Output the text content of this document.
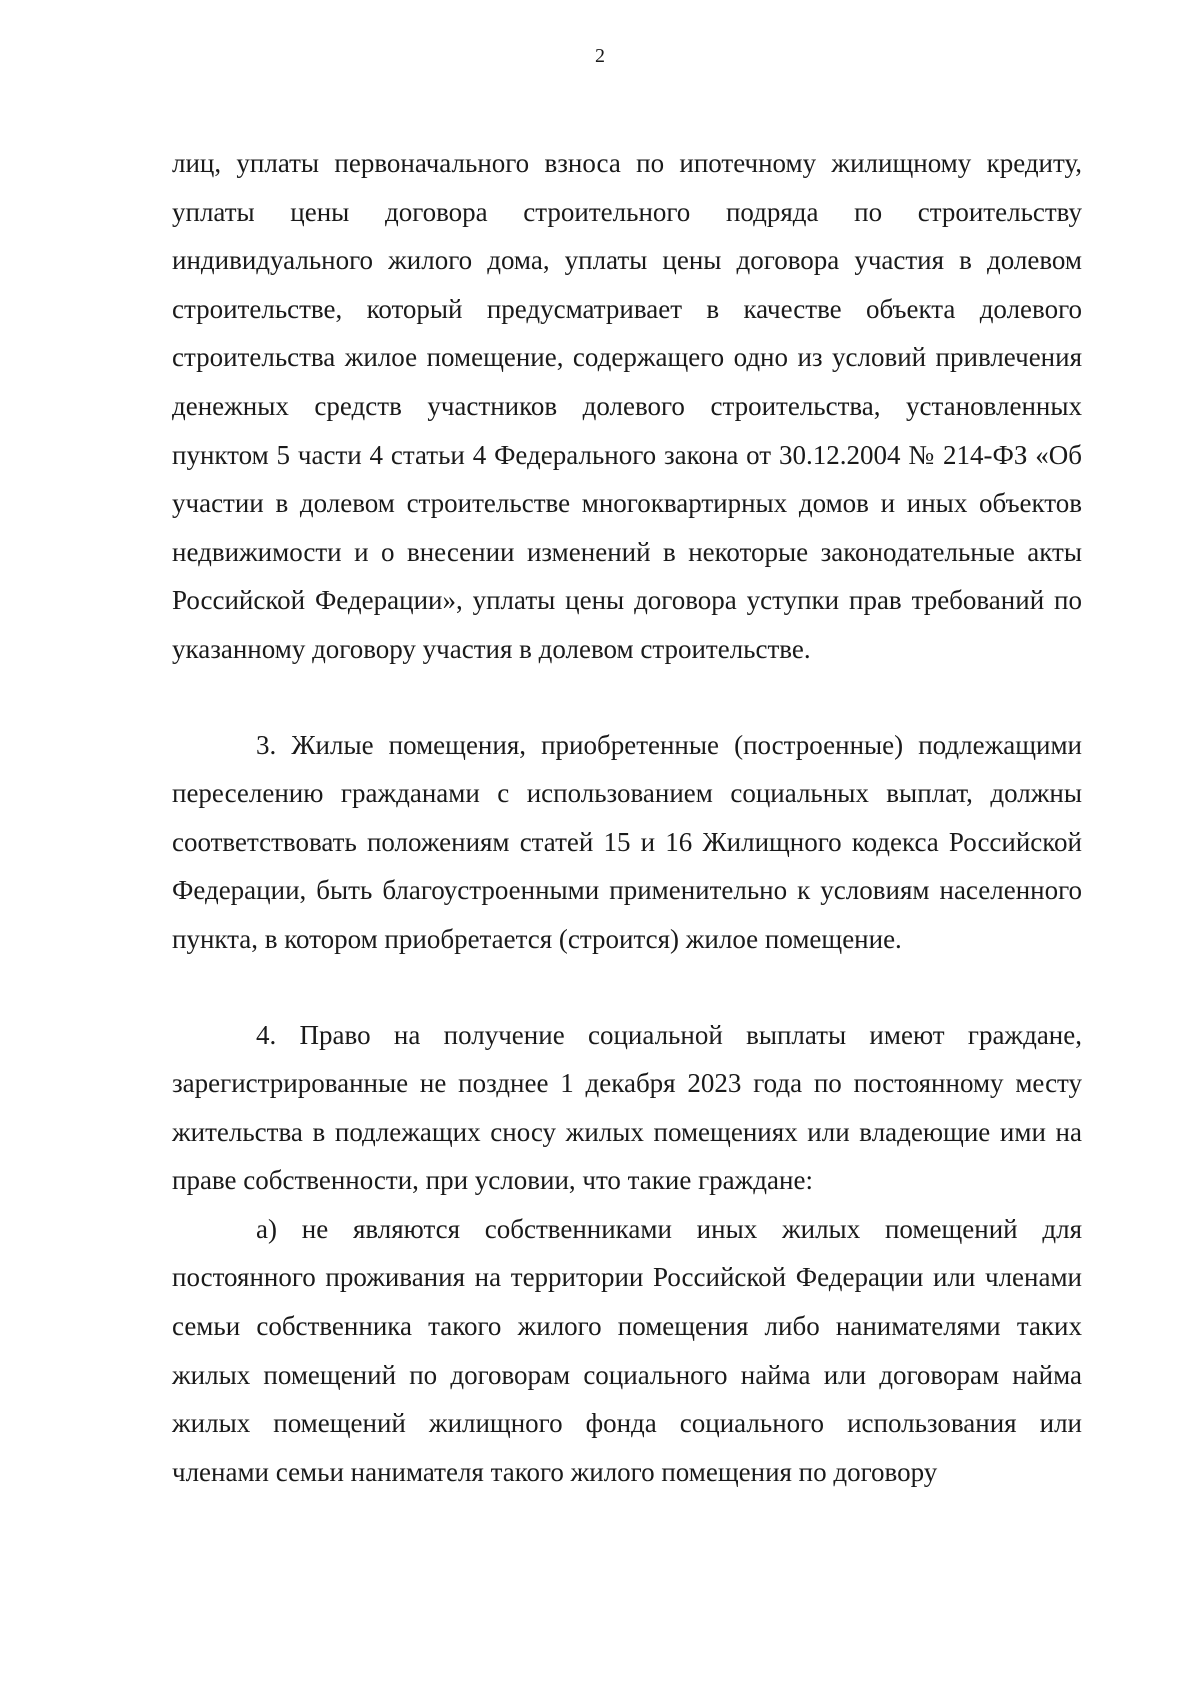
2

лиц, уплаты первоначального взноса по ипотечному жилищному кредиту, уплаты цены договора строительного подряда по строительству индивидуального жилого дома, уплаты цены договора участия в долевом строительстве, который предусматривает в качестве объекта долевого строительства жилое помещение, содержащего одно из условий привлечения денежных средств участников долевого строительства, установленных пунктом 5 части 4 статьи 4 Федерального закона от 30.12.2004 № 214-ФЗ «Об участии в долевом строительстве многоквартирных домов и иных объектов недвижимости и о внесении изменений в некоторые законодательные акты Российской Федерации», уплаты цены договора уступки прав требований по указанному договору участия в долевом строительстве.

3. Жилые помещения, приобретенные (построенные) подлежащими переселению гражданами с использованием социальных выплат, должны соответствовать положениям статей 15 и 16 Жилищного кодекса Российской Федерации, быть благоустроенными применительно к условиям населенного пункта, в котором приобретается (строится) жилое помещение.

4. Право на получение социальной выплаты имеют граждане, зарегистрированные не позднее 1 декабря 2023 года по постоянному месту жительства в подлежащих сносу жилых помещениях или владеющие ими на праве собственности, при условии, что такие граждане:

а) не являются собственниками иных жилых помещений для постоянного проживания на территории Российской Федерации или членами семьи собственника такого жилого помещения либо нанимателями таких жилых помещений по договорам социального найма или договорам найма жилых помещений жилищного фонда социального использования или членами семьи нанимателя такого жилого помещения по договору
